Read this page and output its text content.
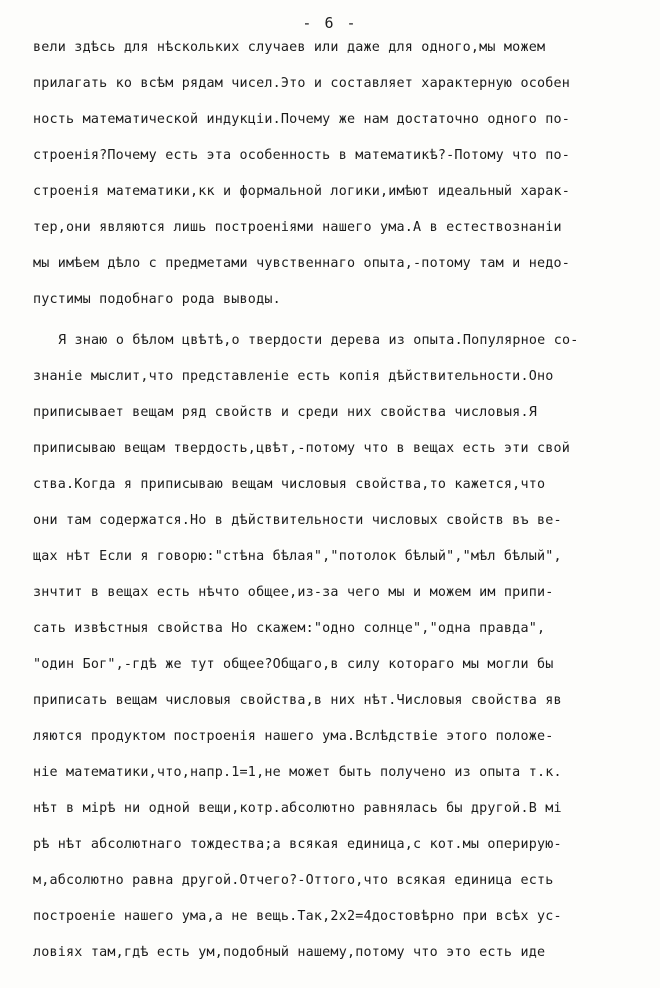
- 6 -
вели здѣсь для нѣскольких случаев или даже для одного,мы можем
прилагать ко всѣм рядам чисел.Это и составляет характерную особен
ность математической индукціи.Почему же нам достаточно одного по-
строенія?Почему есть эта особенность в математикѣ?-Потому что по-
строенія математики,кк и формальной логики,имѣют идеальный харак-
тер,они являются лишь построеніями нашего ума.А в естествознаніи
мы имѣем дѣло с предметами чувственнаго опыта,-потому там и недо-
пустимы подобнаго рода выводы.
Я знаю о бѣлом цвѣтѣ,о твердости дерева из опыта.Популярное со-
знаніе мыслит,что представленіе есть копія дѣйствительности.Оно
приписывает вещам ряд свойств и среди них свойства числовыя.Я
приписываю вещам твердость,цвѣт,-потому что в вещах есть эти свой
ства.Когда я приписываю вещам числовыя свойства,то кажется,что
они там содержатся.Но в дѣйствительности числовых свойств въ ве-
щах нѣт Если я говорю:"стѣна бѣлая","потолок бѣлый","мѣл бѣлый",
знчтит в вещах есть нѣчто общее,из-за чего мы и можем им припи-
сать извѣстныя свойства Но скажем:"одно солнце","одна правда",
"один Бог",-гдѣ же тут общее?Общаго,в силу котораго мы могли бы
приписать вещам числовыя свойства,в них нѣт.Числовыя свойства яв
ляются продуктом построенія нашего ума.Вслѣдствіе этого положе-
ніе математики,что,напр.1=1,не может быть получено из опыта т.к.
нѣт в мірѣ ни одной вещи,котр.абсолютно равнялась бы другой.В мі
рѣ нѣт абсолютнаго тождества;а всякая единица,с кот.мы оперирую-
м,абсолютно равна другой.Отчего?-Оттого,что всякая единица есть
построеніе нашего ума,а не вещь.Так,2х2=4достовѣрно при всѣх ус-
ловіях там,гдѣ есть ум,подобный нашему,потому что это есть иде
